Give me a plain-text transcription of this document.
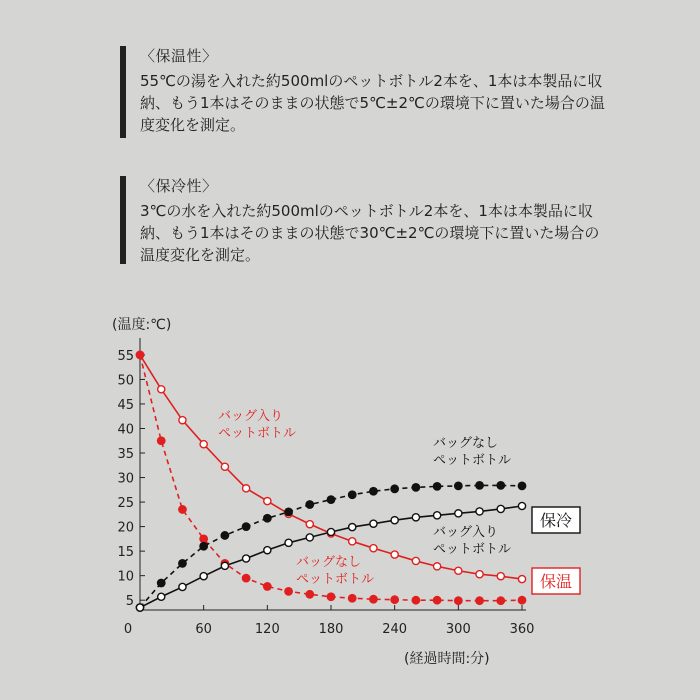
〈保温性〉

55℃の湯を入れた約500mlのペットボトル2本を、1本は本製品に収納、もう1本はそのままの状態で5℃±2℃の環境下に置いた場合の温度変化を測定。

〈保冷性〉

3℃の水を入れた約500mlのペットボトル2本を、1本は本製品に収納、もう1本はそのままの状態で30℃±2℃の環境下に置いた場合の温度変化を測定。

5
10
15
20
25
30
35
40
45
50
55
0	60	120	180	240	300	360
(温度:℃)
(経過時間:分)
バッグ入りペットボトル
バッグなしペットボトル
バッグなしペットボトル
バッグ入りペットボトル
保冷
保温
